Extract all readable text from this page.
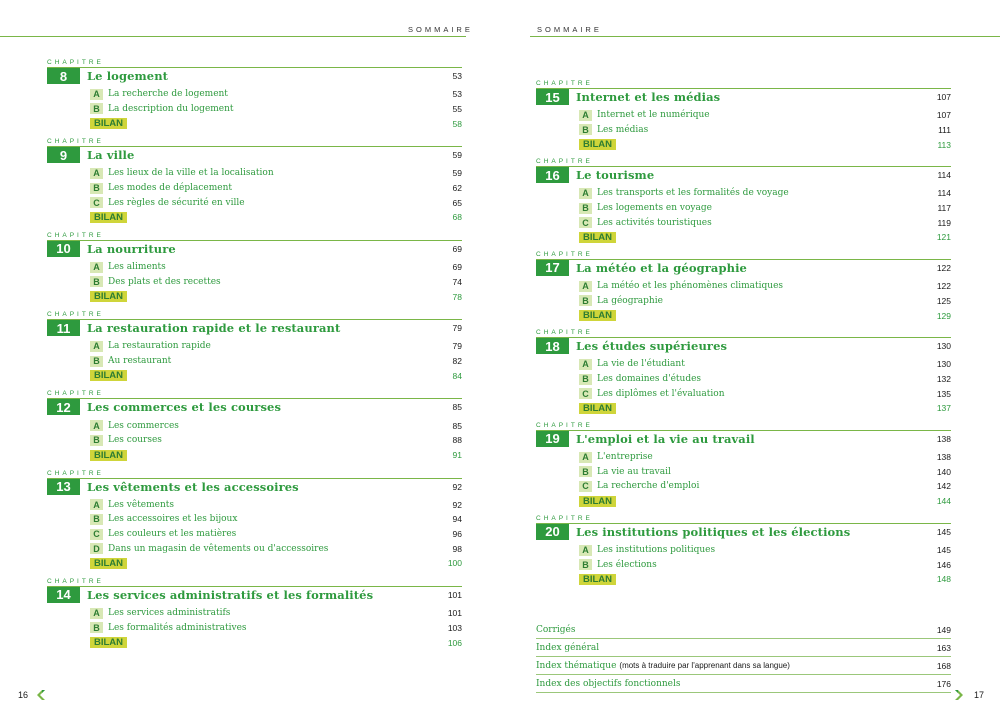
SOMMAIRE
CHAPITRE
8	Le logement	53
A La recherche de logement	53
B La description du logement	55
BILAN	58
CHAPITRE
9	La ville	59
A Les lieux de la ville et la localisation	59
B Les modes de déplacement	62
C Les règles de sécurité en ville	65
BILAN	68
CHAPITRE
10	La nourriture	69
A Les aliments	69
B Des plats et des recettes	74
BILAN	78
CHAPITRE
11	La restauration rapide et le restaurant	79
A La restauration rapide	79
B Au restaurant	82
BILAN	84
CHAPITRE
12	Les commerces et les courses	85
A Les commerces	85
B Les courses	88
BILAN	91
CHAPITRE
13	Les vêtements et les accessoires	92
A Les vêtements	92
B Les accessoires et les bijoux	94
C Les couleurs et les matières	96
D Dans un magasin de vêtements ou d'accessoires	98
BILAN	100
CHAPITRE
14	Les services administratifs et les formalités	101
A Les services administratifs	101
B Les formalités administratives	103
BILAN	106
16
SOMMAIRE
CHAPITRE
15	Internet et les médias	107
A Internet et le numérique	107
B Les médias	111
BILAN	113
CHAPITRE
16	Le tourisme	114
A Les transports et les formalités de voyage	114
B Les logements en voyage	117
C Les activités touristiques	119
BILAN	121
CHAPITRE
17	La météo et la géographie	122
A La météo et les phénomènes climatiques	122
B La géographie	125
BILAN	129
CHAPITRE
18	Les études supérieures	130
A La vie de l'étudiant	130
B Les domaines d'études	132
C Les diplômes et l'évaluation	135
BILAN	137
CHAPITRE
19	L'emploi et la vie au travail	138
A L'entreprise	138
B La vie au travail	140
C La recherche d'emploi	142
BILAN	144
CHAPITRE
20	Les institutions politiques et les élections	145
A Les institutions politiques	145
B Les élections	146
BILAN	148
Corrigés	149
Index général	163
Index thématique (mots à traduire par l'apprenant dans sa langue)	168
Index des objectifs fonctionnels	176
17
